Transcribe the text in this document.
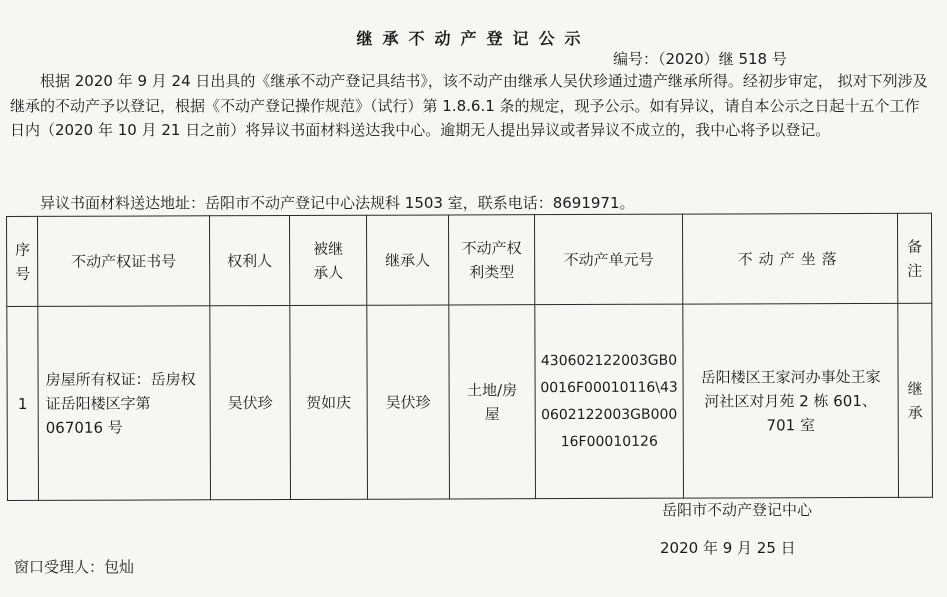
继承不动产登记公示
编号：（2020）继 518 号
根据 2020 年 9 月 24 日出具的《继承不动产登记具结书》，该不动产由继承人吴伏珍通过遗产继承所得。经初步审定， 拟对下列涉及继承的不动产予以登记，根据《不动产登记操作规范》（试行）第 1.8.6.1 条的规定，现予公示。如有异议，请自本公示之日起十五个工作日内（2020 年 10 月 21 日之前）将异议书面材料送达我中心。逾期无人提出异议或者异议不成立的，我中心将予以登记。
异议书面材料送达地址：岳阳市不动产登记中心法规科 1503 室，联系电话：8691971。
序号	不动产权证书号	权利人	被继承人	继承人	不动产权利类型	不动产单元号	不动产坐落	备注
1	房屋所有权证：岳房权证岳阳楼区字第 067016 号	吴伏珍	贺如庆	吴伏珍	土地/房屋	430602122003GB00016F00010116\430602122003GB00016F00010126	岳阳楼区王家河办事处王家河社区对月苑 2 栋 601、701 室	继承
岳阳市不动产登记中心
2020 年 9 月 25 日
窗口受理人：包灿
